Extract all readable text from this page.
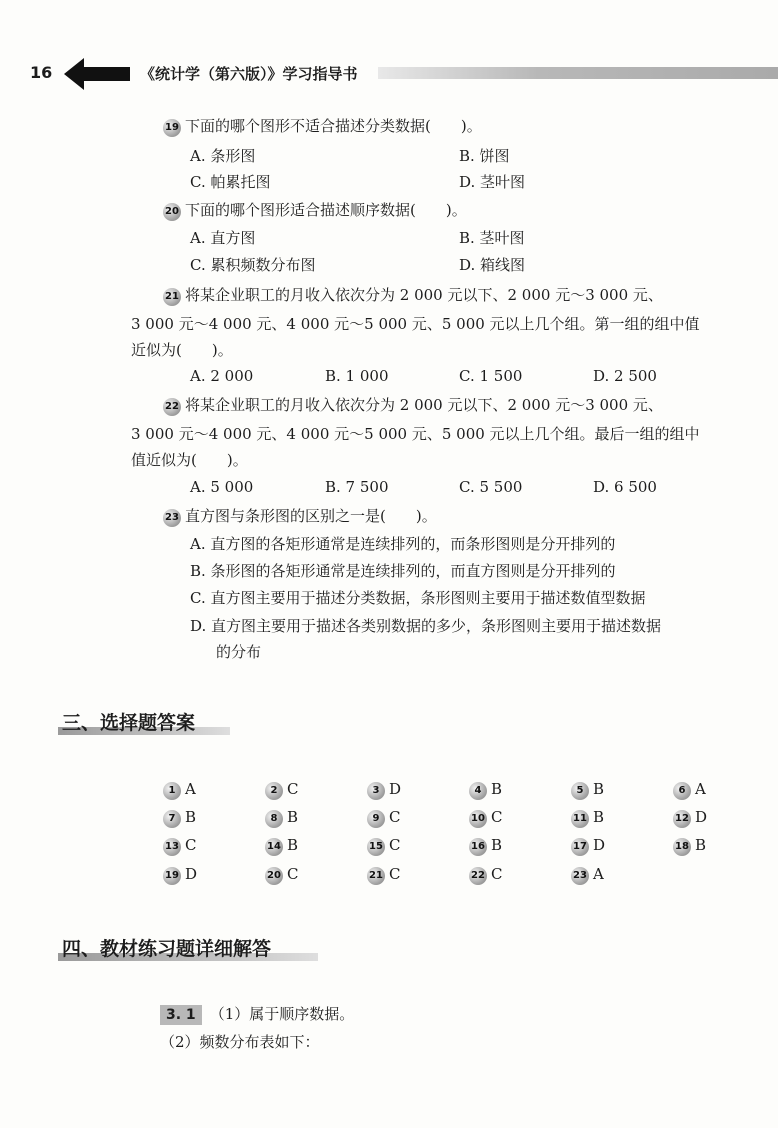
16	《统计学（第六版）》学习指导书
19 下面的哪个图形不适合描述分类数据(　　)。
A. 条形图	B. 饼图
C. 帕累托图	D. 茎叶图
20 下面的哪个图形适合描述顺序数据(　　)。
A. 直方图	B. 茎叶图
C. 累积频数分布图	D. 箱线图
21 将某企业职工的月收入依次分为 2 000 元以下、2 000 元～3 000 元、
3 000 元～4 000 元、4 000 元～5 000 元、5 000 元以上几个组。第一组的组中值
近似为(　　)。
A. 2 000	B. 1 000	C. 1 500	D. 2 500
22 将某企业职工的月收入依次分为 2 000 元以下、2 000 元～3 000 元、
3 000 元～4 000 元、4 000 元～5 000 元、5 000 元以上几个组。最后一组的组中
值近似为(　　)。
A. 5 000	B. 7 500	C. 5 500	D. 6 500
23 直方图与条形图的区别之一是(　　)。
A. 直方图的各矩形通常是连续排列的，而条形图则是分开排列的
B. 条形图的各矩形通常是连续排列的，而直方图则是分开排列的
C. 直方图主要用于描述分类数据，条形图则主要用于描述数值型数据
D. 直方图主要用于描述各类别数据的多少，条形图则主要用于描述数据
的分布
三、选择题答案
1 A	2 C	3 D	4 B	5 B	6 A
7 B	8 B	9 C	10 C	11 B	12 D
13 C	14 B	15 C	16 B	17 D	18 B
19 D	20 C	21 C	22 C	23 A
四、教材练习题详细解答
3. 1 （1）属于顺序数据。
（2）频数分布表如下：
